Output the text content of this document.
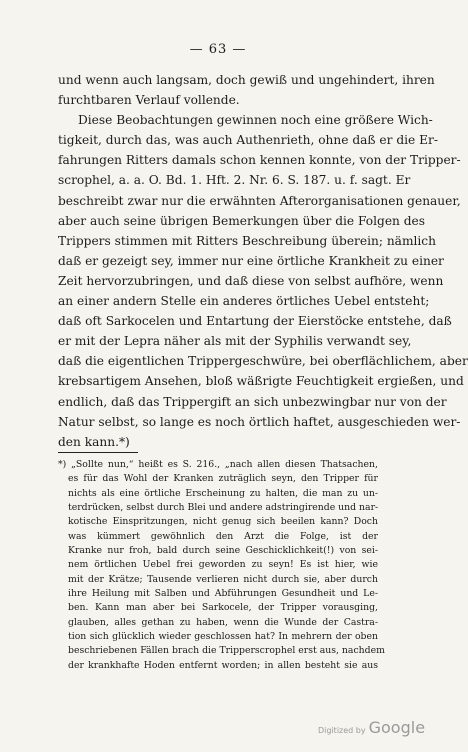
— 63 —
und wenn auch langsam, doch gewiß und ungehindert, ihren
furchtbaren Verlauf vollende.
Diese Beobachtungen gewinnen noch eine größere Wich-
tigkeit, durch das, was auch Authenrieth, ohne daß er die Er-
fahrungen Ritters damals schon kennen konnte, von der Tripper-
scrophel, a. a. O. Bd. 1. Hft. 2. Nr. 6. S. 187. u. f. sagt. Er
beschreibt zwar nur die erwähnten Afterorganisationen genauer,
aber auch seine übrigen Bemerkungen über die Folgen des
Trippers stimmen mit Ritters Beschreibung überein; nämlich
daß er gezeigt sey, immer nur eine örtliche Krankheit zu einer
Zeit hervorzubringen, und daß diese von selbst aufhöre, wenn
an einer andern Stelle ein anderes örtliches Uebel entsteht;
daß oft Sarkocelen und Entartung der Eierstöcke entstehe, daß
er mit der Lepra näher als mit der Syphilis verwandt sey,
daß die eigentlichen Trippergeschwüre, bei oberflächlichem, aber
krebsartigem Ansehen, bloß wäßrigte Feuchtigkeit ergießen, und
endlich, daß das Trippergift an sich unbezwingbar nur von der
Natur selbst, so lange es noch örtlich haftet, ausgeschieden wer-
den kann.*)
*) „Sollte nun,“ heißt es S. 216., „nach allen diesen Thatsachen,
es für das Wohl der Kranken zuträglich seyn, den Tripper für
nichts als eine örtliche Erscheinung zu halten, die man zu un-
terdrücken, selbst durch Blei und andere adstringirende und nar-
kotische Einspritzungen, nicht genug sich beeilen kann? Doch
was kümmert gewöhnlich den Arzt die Folge, ist der
Kranke nur froh, bald durch seine Geschicklichkeit(!) von sei-
nem örtlichen Uebel frei geworden zu seyn! Es ist hier, wie
mit der Krätze; Tausende verlieren nicht durch sie, aber durch
ihre Heilung mit Salben und Abführungen Gesundheit und Le-
ben. Kann man aber bei Sarkocele, der Tripper vorausging,
glauben, alles gethan zu haben, wenn die Wunde der Castra-
tion sich glücklich wieder geschlossen hat? In mehrern der oben
beschriebenen Fällen brach die Tripperscrophel erst aus, nachdem
der krankhafte Hoden entfernt worden; in allen besteht sie aus
Digitized by Google
